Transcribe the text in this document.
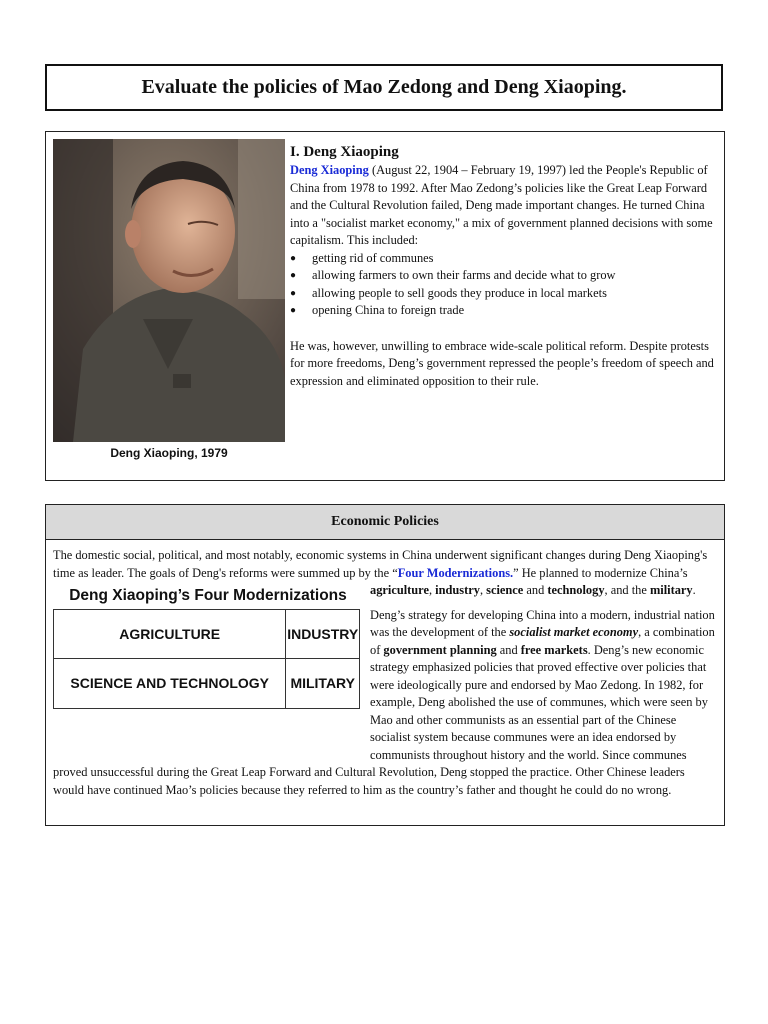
Evaluate the policies of Mao Zedong and Deng Xiaoping.
Deng Xiaoping, 1979
I. Deng Xiaoping

Deng Xiaoping (August 22, 1904 – February 19, 1997) led the People's Republic of China from 1978 to 1992. After Mao Zedong’s policies like the Great Leap Forward and the Cultural Revolution failed, Deng made important changes. He turned China into a "socialist market economy," a mix of government planned decisions with some capitalism. This included:

● getting rid of communes
● allowing farmers to own their farms and decide what to grow
● allowing people to sell goods they produce in local markets
● opening China to foreign trade

He was, however, unwilling to embrace wide-scale political reform. Despite protests for more freedoms, Deng’s government repressed the people’s freedom of speech and expression and eliminated opposition to their rule.

Economic Policies

The domestic social, political, and most notably, economic systems in China underwent significant changes during Deng Xiaoping's time as leader. The goals of Deng's reforms were summed up by the “Four Modernizations.” He planned to modernize China’s

Deng Xiaoping’s Four Modernizations
AGRICULTURE	INDUSTRY
SCIENCE AND TECHNOLOGY	MILITARY

agriculture, industry, science and technology, and the military.

Deng’s strategy for developing China into a modern, industrial nation was the development of the socialist market economy, a combination of government planning and free markets. Deng’s new economic strategy emphasized policies that proved effective over policies that were ideologically pure and endorsed by Mao Zedong. In 1982, for example, Deng abolished the use of communes, which were seen by Mao and other communists as an essential part of the Chinese socialist system because communes were an idea endorsed by communists throughout history and the world. Since communes proved unsuccessful during the Great Leap Forward and Cultural Revolution, Deng stopped the practice. Other Chinese leaders would have continued Mao’s policies because they referred to him as the country’s father and thought he could do no wrong.
